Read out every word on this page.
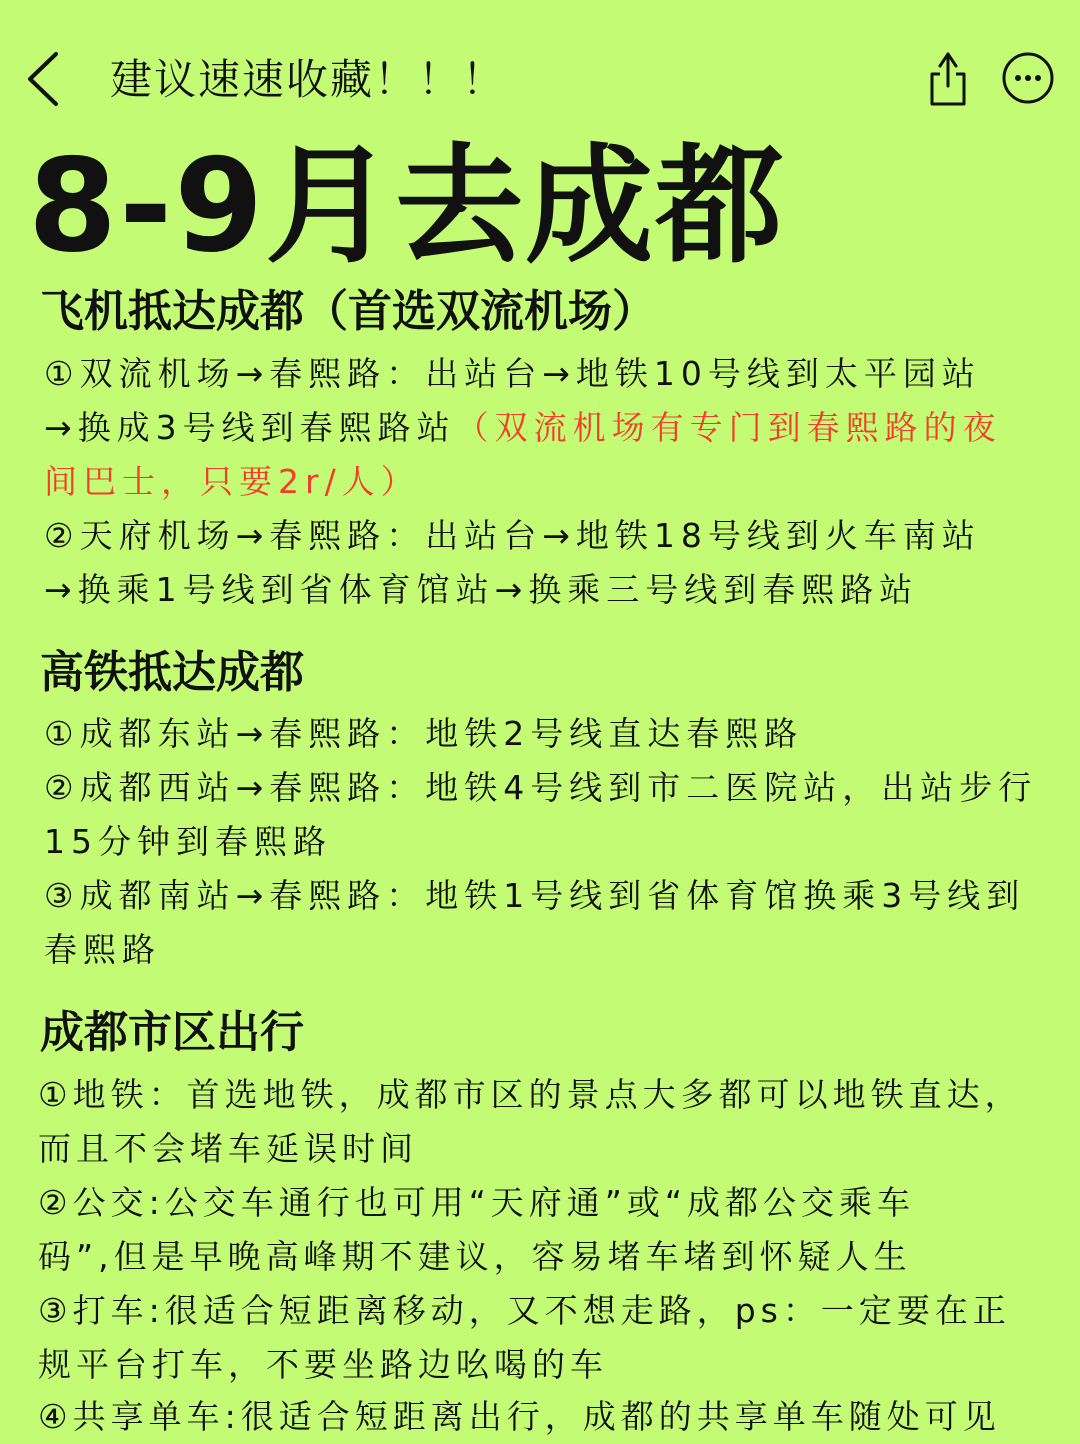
建议速速收藏！！！
8-9月去成都
飞机抵达成都（首选双流机场）
①双流机场→春熙路：出站台→地铁10号线到太平园站
→换成3号线到春熙路站（双流机场有专门到春熙路的夜
间巴士，只要2r/人）
②天府机场→春熙路：出站台→地铁18号线到火车南站
→换乘1号线到省体育馆站→换乘三号线到春熙路站
高铁抵达成都
①成都东站→春熙路：地铁2号线直达春熙路
②成都西站→春熙路：地铁4号线到市二医院站，出站步行
15分钟到春熙路
③成都南站→春熙路：地铁1号线到省体育馆换乘3号线到
春熙路
成都市区出行
①地铁：首选地铁，成都市区的景点大多都可以地铁直达，
而且不会堵车延误时间
②公交:公交车通行也可用“天府通”或“成都公交乘车
码”,但是早晚高峰期不建议，容易堵车堵到怀疑人生
③打车:很适合短距离移动，又不想走路，ps：一定要在正
规平台打车，不要坐路边吆喝的车
④共享单车:很适合短距离出行，成都的共享单车随处可见
